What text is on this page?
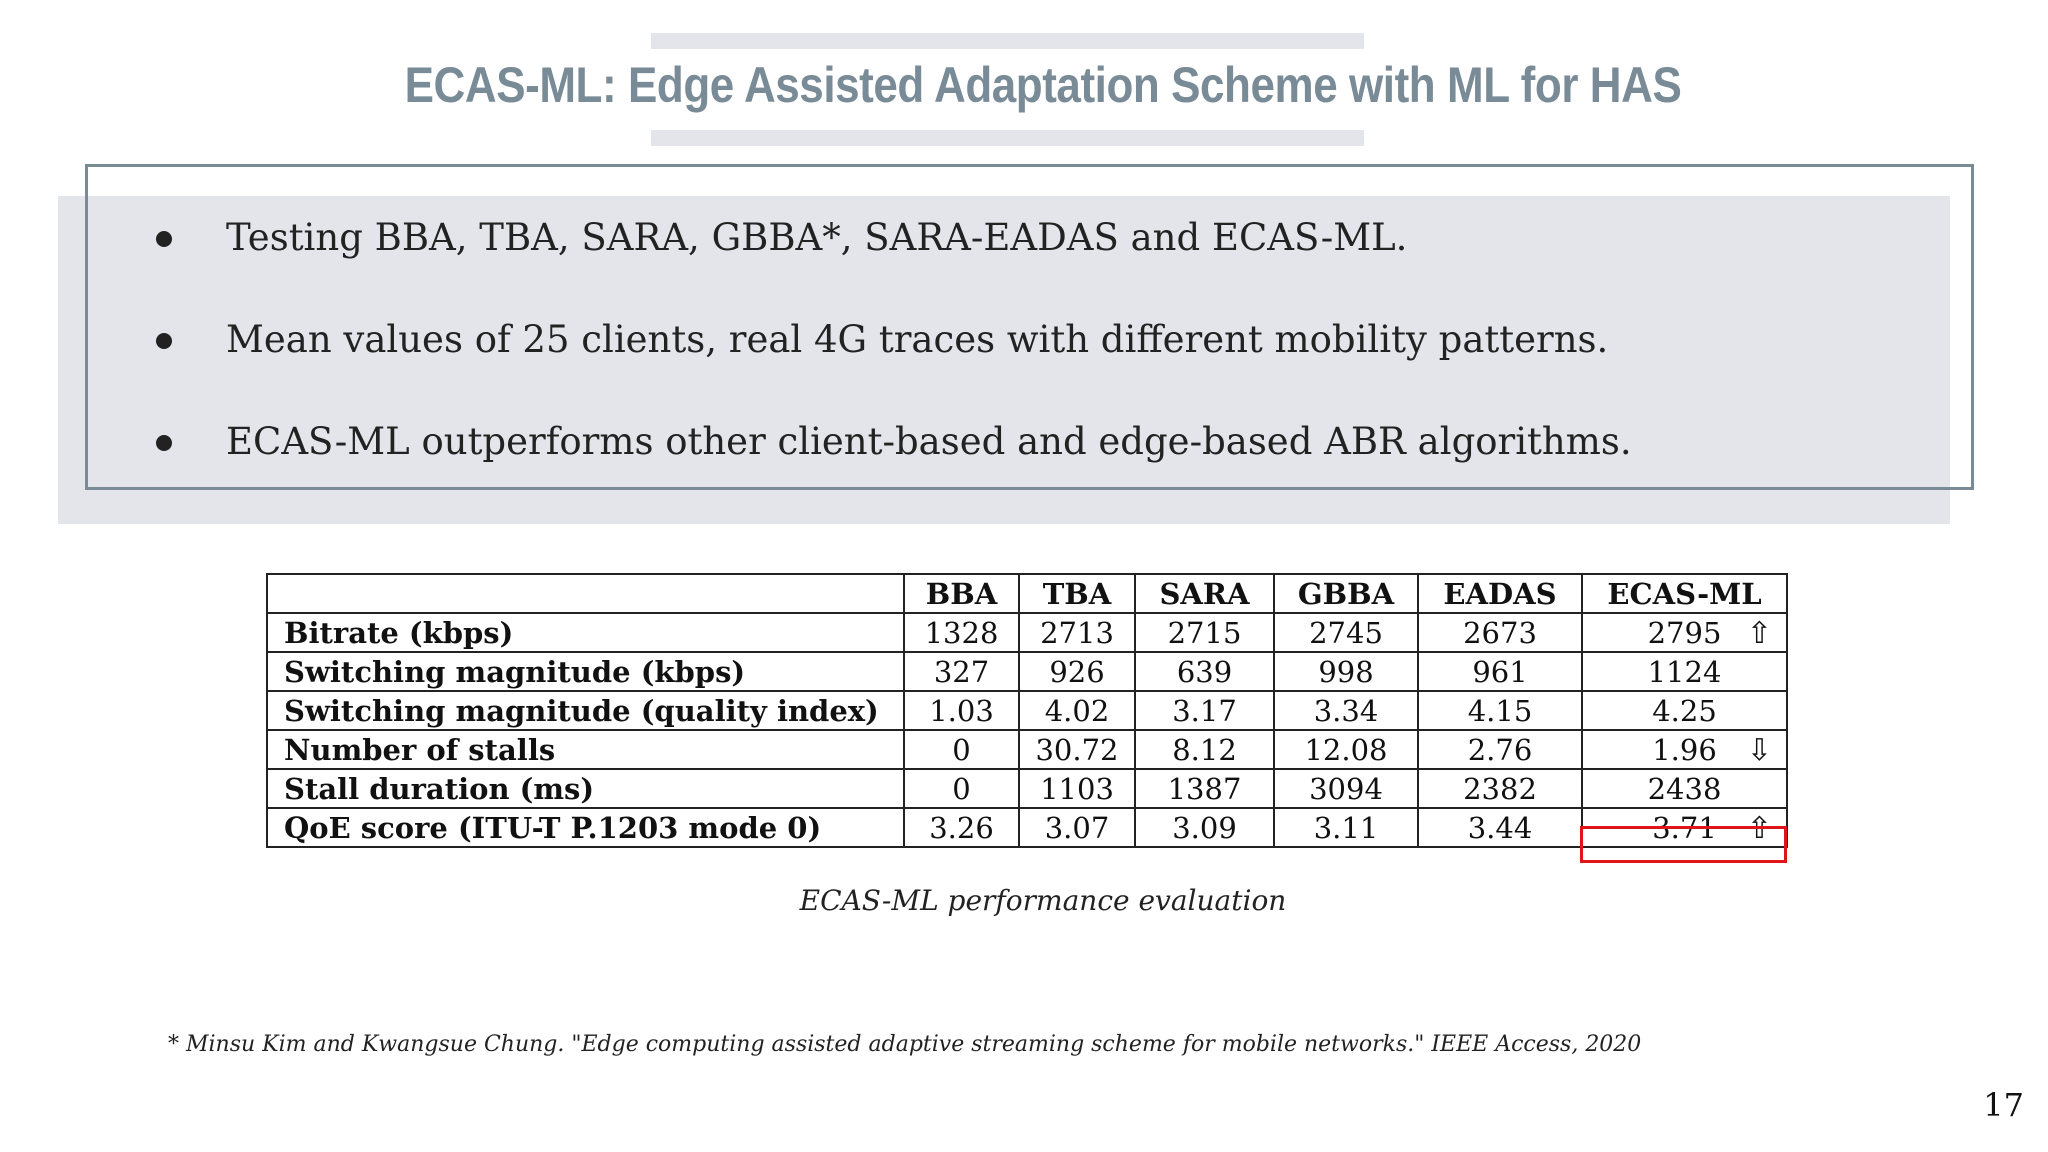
ECAS-ML: Edge Assisted Adaptation Scheme with ML for HAS
Testing BBA, TBA, SARA, GBBA*, SARA-EADAS and ECAS-ML.
Mean values of 25 clients, real 4G traces with different mobility patterns.
ECAS-ML outperforms other client-based and edge-based ABR algorithms.
	BBA	TBA	SARA	GBBA	EADAS	ECAS-ML
Bitrate (kbps)	1328	2713	2715	2745	2673	2795 ⇧

Switching magnitude (kbps)	327	926	639	998	961	1124
Switching magnitude (quality index)	1.03	4.02	3.17	3.34	4.15	4.25
Number of stalls	0	30.72	8.12	12.08	2.76	1.96 ⇩

Stall duration (ms)	0	1103	1387	3094	2382	2438
QoE score (ITU-T P.1203 mode 0)	3.26	3.07	3.09	3.11	3.44	3.71 ⇧
ECAS-ML performance evaluation
* Minsu Kim and Kwangsue Chung. "Edge computing assisted adaptive streaming scheme for mobile networks." IEEE Access, 2020
17
